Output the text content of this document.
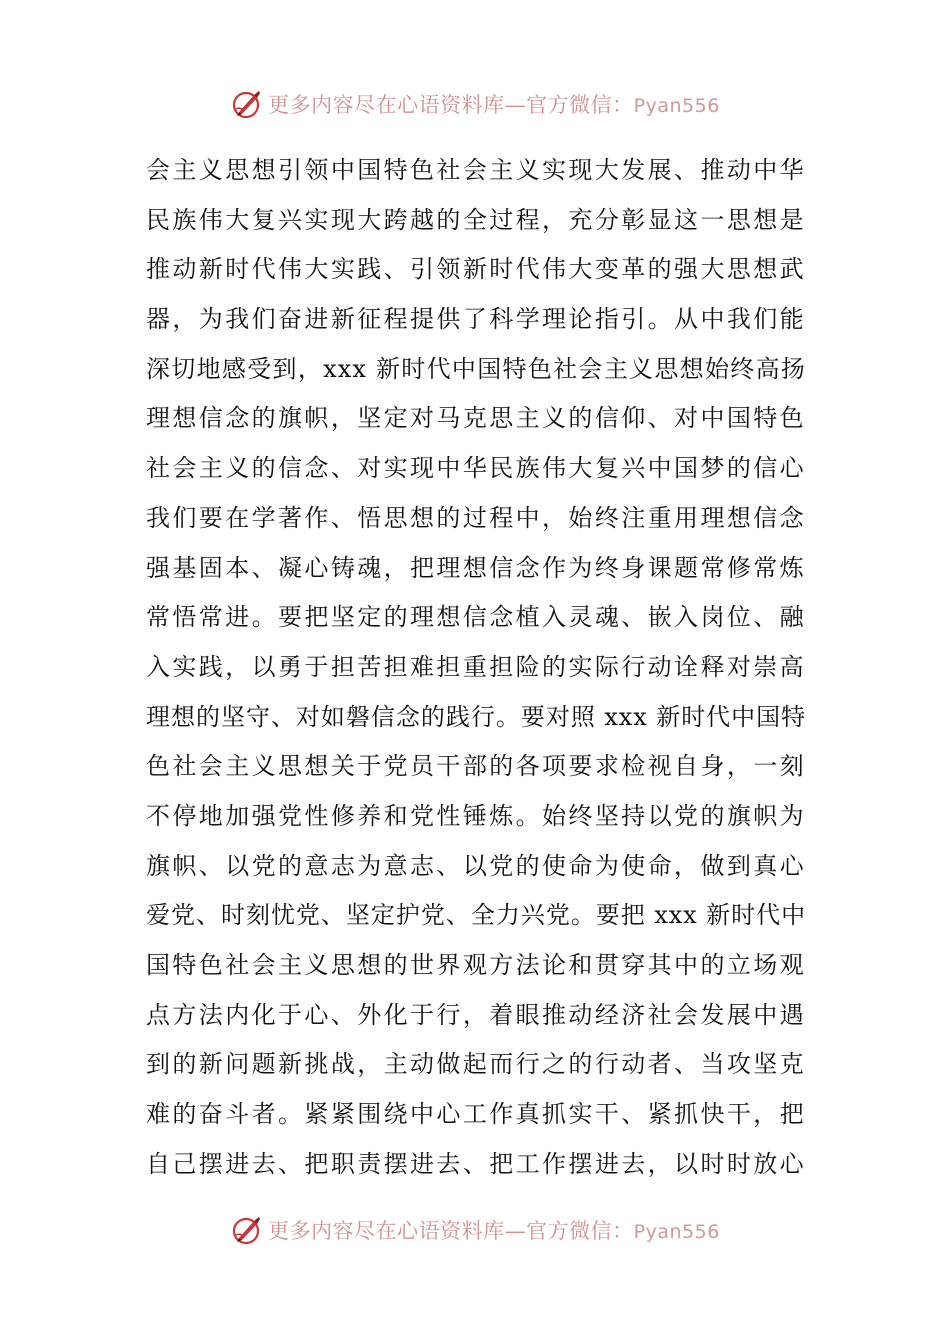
更多内容尽在心语资料库—官方微信：Pyan556
会主义思想引领中国特色社会主义实现大发展、推动中华
民族伟大复兴实现大跨越的全过程，充分彰显这一思想是
推动新时代伟大实践、引领新时代伟大变革的强大思想武
器，为我们奋进新征程提供了科学理论指引。从中我们能
深切地感受到，xxx 新时代中国特色社会主义思想始终高扬
理想信念的旗帜，坚定对马克思主义的信仰、对中国特色
社会主义的信念、对实现中华民族伟大复兴中国梦的信心
我们要在学著作、悟思想的过程中，始终注重用理想信念
强基固本、凝心铸魂，把理想信念作为终身课题常修常炼
常悟常进。要把坚定的理想信念植入灵魂、嵌入岗位、融
入实践，以勇于担苦担难担重担险的实际行动诠释对崇高
理想的坚守、对如磐信念的践行。要对照 xxx 新时代中国特
色社会主义思想关于党员干部的各项要求检视自身，一刻
不停地加强党性修养和党性锤炼。始终坚持以党的旗帜为
旗帜、以党的意志为意志、以党的使命为使命，做到真心
爱党、时刻忧党、坚定护党、全力兴党。要把 xxx 新时代中
国特色社会主义思想的世界观方法论和贯穿其中的立场观
点方法内化于心、外化于行，着眼推动经济社会发展中遇
到的新问题新挑战，主动做起而行之的行动者、当攻坚克
难的奋斗者。紧紧围绕中心工作真抓实干、紧抓快干，把
自己摆进去、把职责摆进去、把工作摆进去，以时时放心
更多内容尽在心语资料库—官方微信：Pyan556
